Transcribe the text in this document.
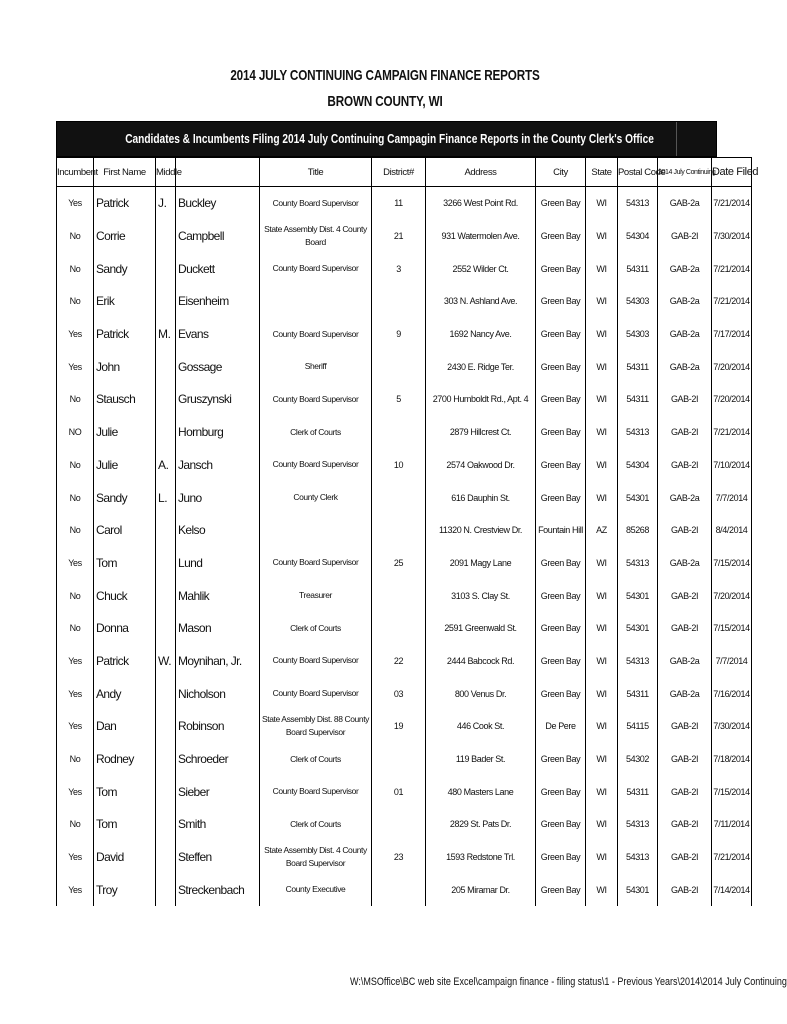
2014 JULY CONTINUING CAMPAIGN FINANCE REPORTS
BROWN COUNTY, WI
Candidates & Incumbents Filing 2014 July Continuing Campagin Finance Reports in the County Clerk's Office
Incumbent	First Name	Middle		Title	District#	Address	City	State	Postal Code	2014 July Continuing	Date Filed
Yes	Patrick	J.	Buckley	County Board Supervisor	11	3266 West Point Rd.	Green Bay	WI	54313	GAB-2a	7/21/2014
No	Corrie		Campbell	State Assembly Dist. 4 County Board	21	931 Watermolen Ave.	Green Bay	WI	54304	GAB-2I	7/30/2014
No	Sandy		Duckett	County Board Supervisor	3	2552 Wilder Ct.	Green Bay	WI	54311	GAB-2a	7/21/2014
No	Erik		Eisenheim			303 N. Ashland Ave.	Green Bay	WI	54303	GAB-2a	7/21/2014
Yes	Patrick	M.	Evans	County Board Supervisor	9	1692 Nancy Ave.	Green Bay	WI	54303	GAB-2a	7/17/2014
Yes	John		Gossage	Sheriff		2430 E. Ridge Ter.	Green Bay	WI	54311	GAB-2a	7/20/2014
No	Stausch		Gruszynski	County Board Supervisor	5	2700 Humboldt Rd., Apt. 4	Green Bay	WI	54311	GAB-2I	7/20/2014
NO	Julie		Hornburg	Clerk of Courts		2879 Hillcrest Ct.	Green Bay	WI	54313	GAB-2I	7/21/2014
No	Julie	A.	Jansch	County Board Supervisor	10	2574 Oakwood Dr.	Green Bay	WI	54304	GAB-2I	7/10/2014
No	Sandy	L.	Juno	County Clerk		616 Dauphin St.	Green Bay	WI	54301	GAB-2a	7/7/2014
No	Carol		Kelso			11320 N. Crestview Dr.	Fountain Hill	AZ	85268	GAB-2I	8/4/2014
Yes	Tom		Lund	County Board Supervisor	25	2091 Magy Lane	Green Bay	WI	54313	GAB-2a	7/15/2014
No	Chuck		Mahlik	Treasurer		3103 S. Clay St.	Green Bay	WI	54301	GAB-2I	7/20/2014
No	Donna		Mason	Clerk of Courts		2591 Greenwald St.	Green Bay	WI	54301	GAB-2I	7/15/2014
Yes	Patrick	W.	Moynihan, Jr.	County Board Supervisor	22	2444 Babcock Rd.	Green Bay	WI	54313	GAB-2a	7/7/2014
Yes	Andy		Nicholson	County Board Supervisor	03	800 Venus Dr.	Green Bay	WI	54311	GAB-2a	7/16/2014
Yes	Dan		Robinson	State Assembly Dist. 88 County Board Supervisor	19	446 Cook St.	De Pere	WI	54115	GAB-2I	7/30/2014
No	Rodney		Schroeder	Clerk of Courts		119 Bader St.	Green Bay	WI	54302	GAB-2I	7/18/2014
Yes	Tom		Sieber	County Board Supervisor	01	480 Masters Lane	Green Bay	WI	54311	GAB-2I	7/15/2014
No	Tom		Smith	Clerk of Courts		2829 St. Pats Dr.	Green Bay	WI	54313	GAB-2I	7/11/2014
Yes	David		Steffen	State Assembly Dist. 4 County Board Supervisor	23	1593 Redstone Trl.	Green Bay	WI	54313	GAB-2I	7/21/2014
Yes	Troy		Streckenbach	County Executive		205 Miramar Dr.	Green Bay	WI	54301	GAB-2I	7/14/2014
W:\MSOffice\BC web site Excel\campaign finance - filing status\1 - Previous Years\2014\2014 July Continuing
